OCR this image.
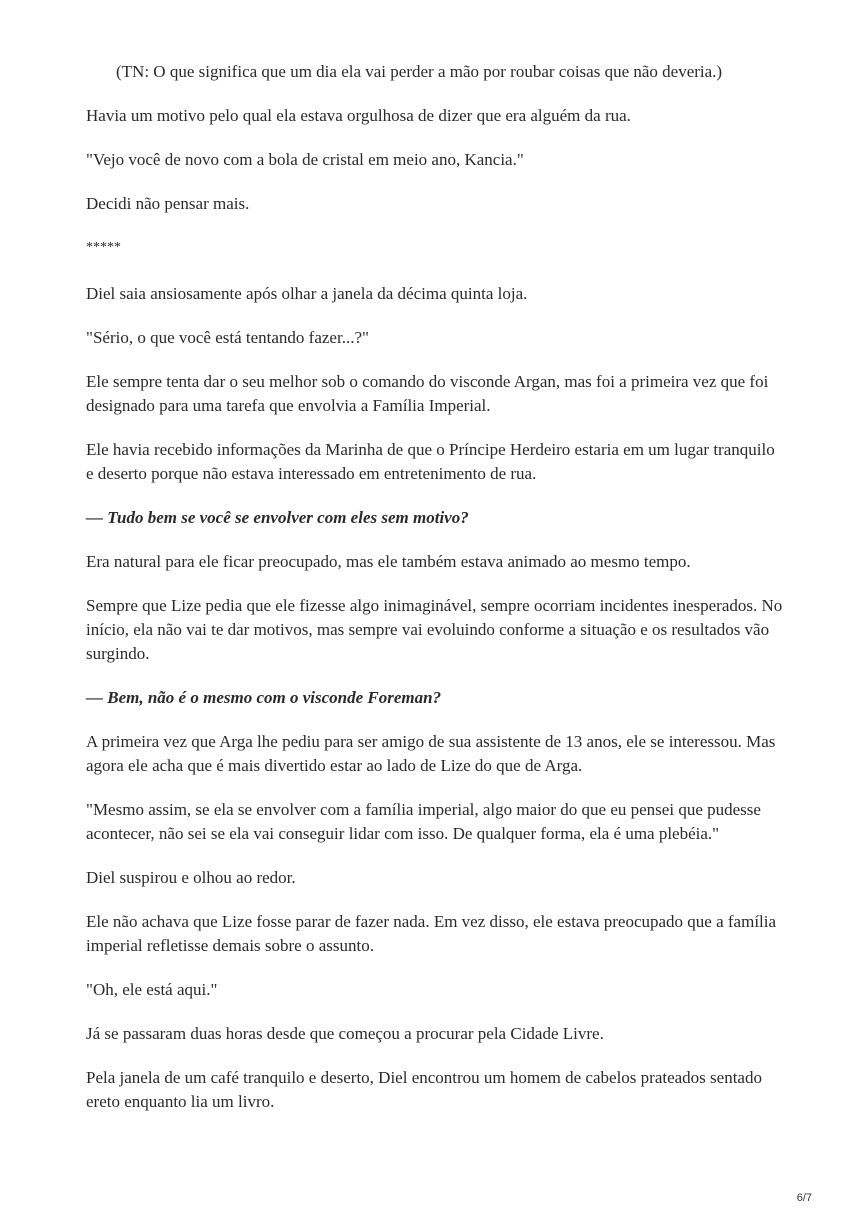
(TN: O que significa que um dia ela vai perder a mão por roubar coisas que não deveria.)

Havia um motivo pelo qual ela estava orgulhosa de dizer que era alguém da rua.

"Vejo você de novo com a bola de cristal em meio ano, Kancia."

Decidi não pensar mais.

*****

Diel saia ansiosamente após olhar a janela da décima quinta loja.

"Sério, o que você está tentando fazer...?"

Ele sempre tenta dar o seu melhor sob o comando do visconde Argan, mas foi a primeira vez que foi designado para uma tarefa que envolvia a Família Imperial.

Ele havia recebido informações da Marinha de que o Príncipe Herdeiro estaria em um lugar tranquilo e deserto porque não estava interessado em entretenimento de rua.

— Tudo bem se você se envolver com eles sem motivo?

Era natural para ele ficar preocupado, mas ele também estava animado ao mesmo tempo.

Sempre que Lize pedia que ele fizesse algo inimaginável, sempre ocorriam incidentes inesperados. No início, ela não vai te dar motivos, mas sempre vai evoluindo conforme a situação e os resultados vão surgindo.

— Bem, não é o mesmo com o visconde Foreman?

A primeira vez que Arga lhe pediu para ser amigo de sua assistente de 13 anos, ele se interessou. Mas agora ele acha que é mais divertido estar ao lado de Lize do que de Arga.

"Mesmo assim, se ela se envolver com a família imperial, algo maior do que eu pensei que pudesse acontecer, não sei se ela vai conseguir lidar com isso. De qualquer forma, ela é uma plebéia."

Diel suspirou e olhou ao redor.

Ele não achava que Lize fosse parar de fazer nada. Em vez disso, ele estava preocupado que a família imperial refletisse demais sobre o assunto.

"Oh, ele está aqui."

Já se passaram duas horas desde que começou a procurar pela Cidade Livre.

Pela janela de um café tranquilo e deserto, Diel encontrou um homem de cabelos prateados sentado ereto enquanto lia um livro.

6/7
